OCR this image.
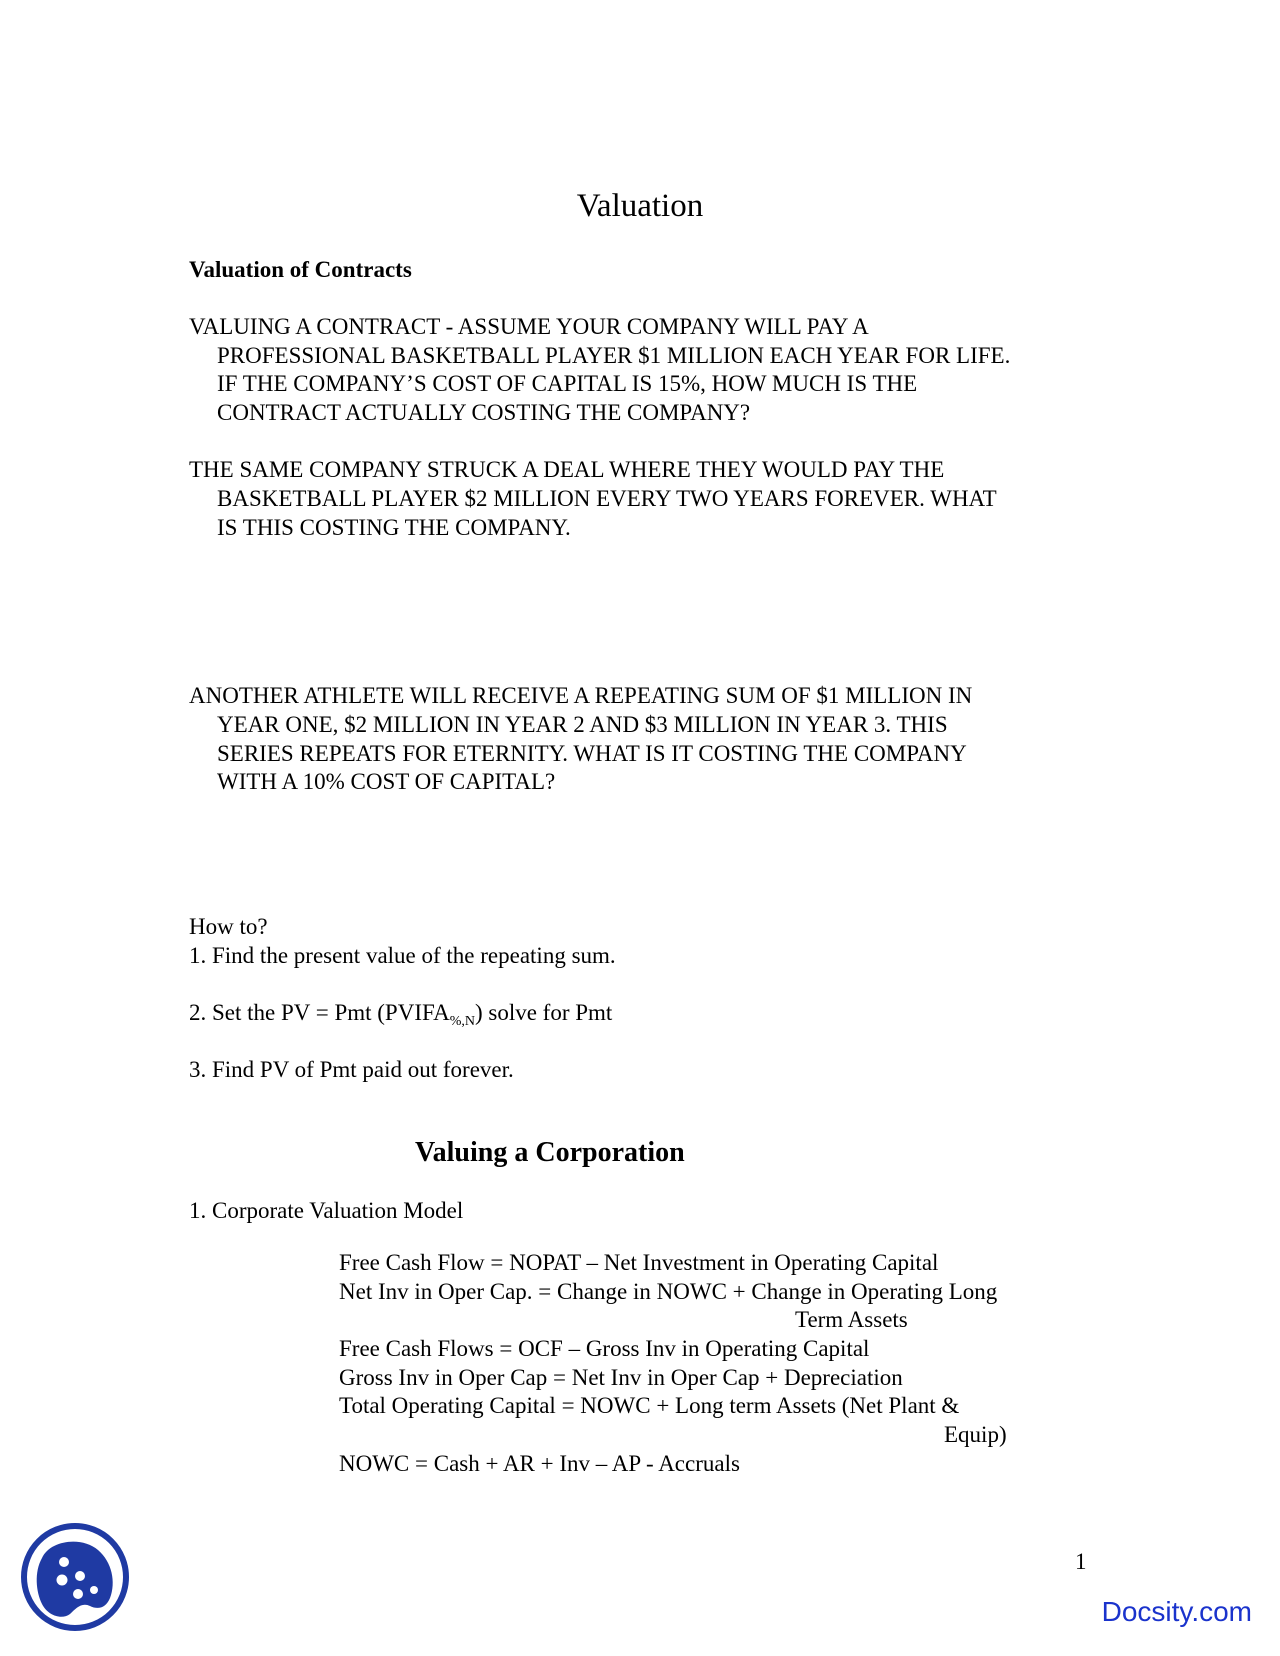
Valuation
Valuation of Contracts
VALUING A CONTRACT - ASSUME YOUR COMPANY WILL PAY A
PROFESSIONAL BASKETBALL PLAYER $1 MILLION EACH YEAR FOR LIFE.
IF THE COMPANY’S COST OF CAPITAL IS 15%, HOW MUCH IS THE
CONTRACT ACTUALLY COSTING THE COMPANY?
THE SAME COMPANY STRUCK A DEAL WHERE THEY WOULD PAY THE
BASKETBALL PLAYER $2 MILLION EVERY TWO YEARS FOREVER. WHAT
IS THIS COSTING THE COMPANY.
ANOTHER ATHLETE WILL RECEIVE A REPEATING SUM OF $1 MILLION IN
YEAR ONE, $2 MILLION IN YEAR 2 AND $3 MILLION IN YEAR 3. THIS
SERIES REPEATS FOR ETERNITY. WHAT IS IT COSTING THE COMPANY
WITH A 10% COST OF CAPITAL?
How to?
1. Find the present value of the repeating sum.
2. Set the PV = Pmt $(PVIFA_{\%,N})$ solve for Pmt
3. Find PV of Pmt paid out forever.
Valuing a Corporation
1. Corporate Valuation Model
Free Cash Flow = NOPAT – Net Investment in Operating Capital
Net Inv in Oper Cap. = Change in NOWC + Change in Operating Long
Term Assets
Free Cash Flows = OCF – Gross Inv in Operating Capital
Gross Inv in Oper Cap = Net Inv in Oper Cap + Depreciation
Total Operating Capital = NOWC + Long term Assets (Net Plant &
Equip)
NOWC = Cash + AR + Inv – AP - Accruals
1
Docsity.com
